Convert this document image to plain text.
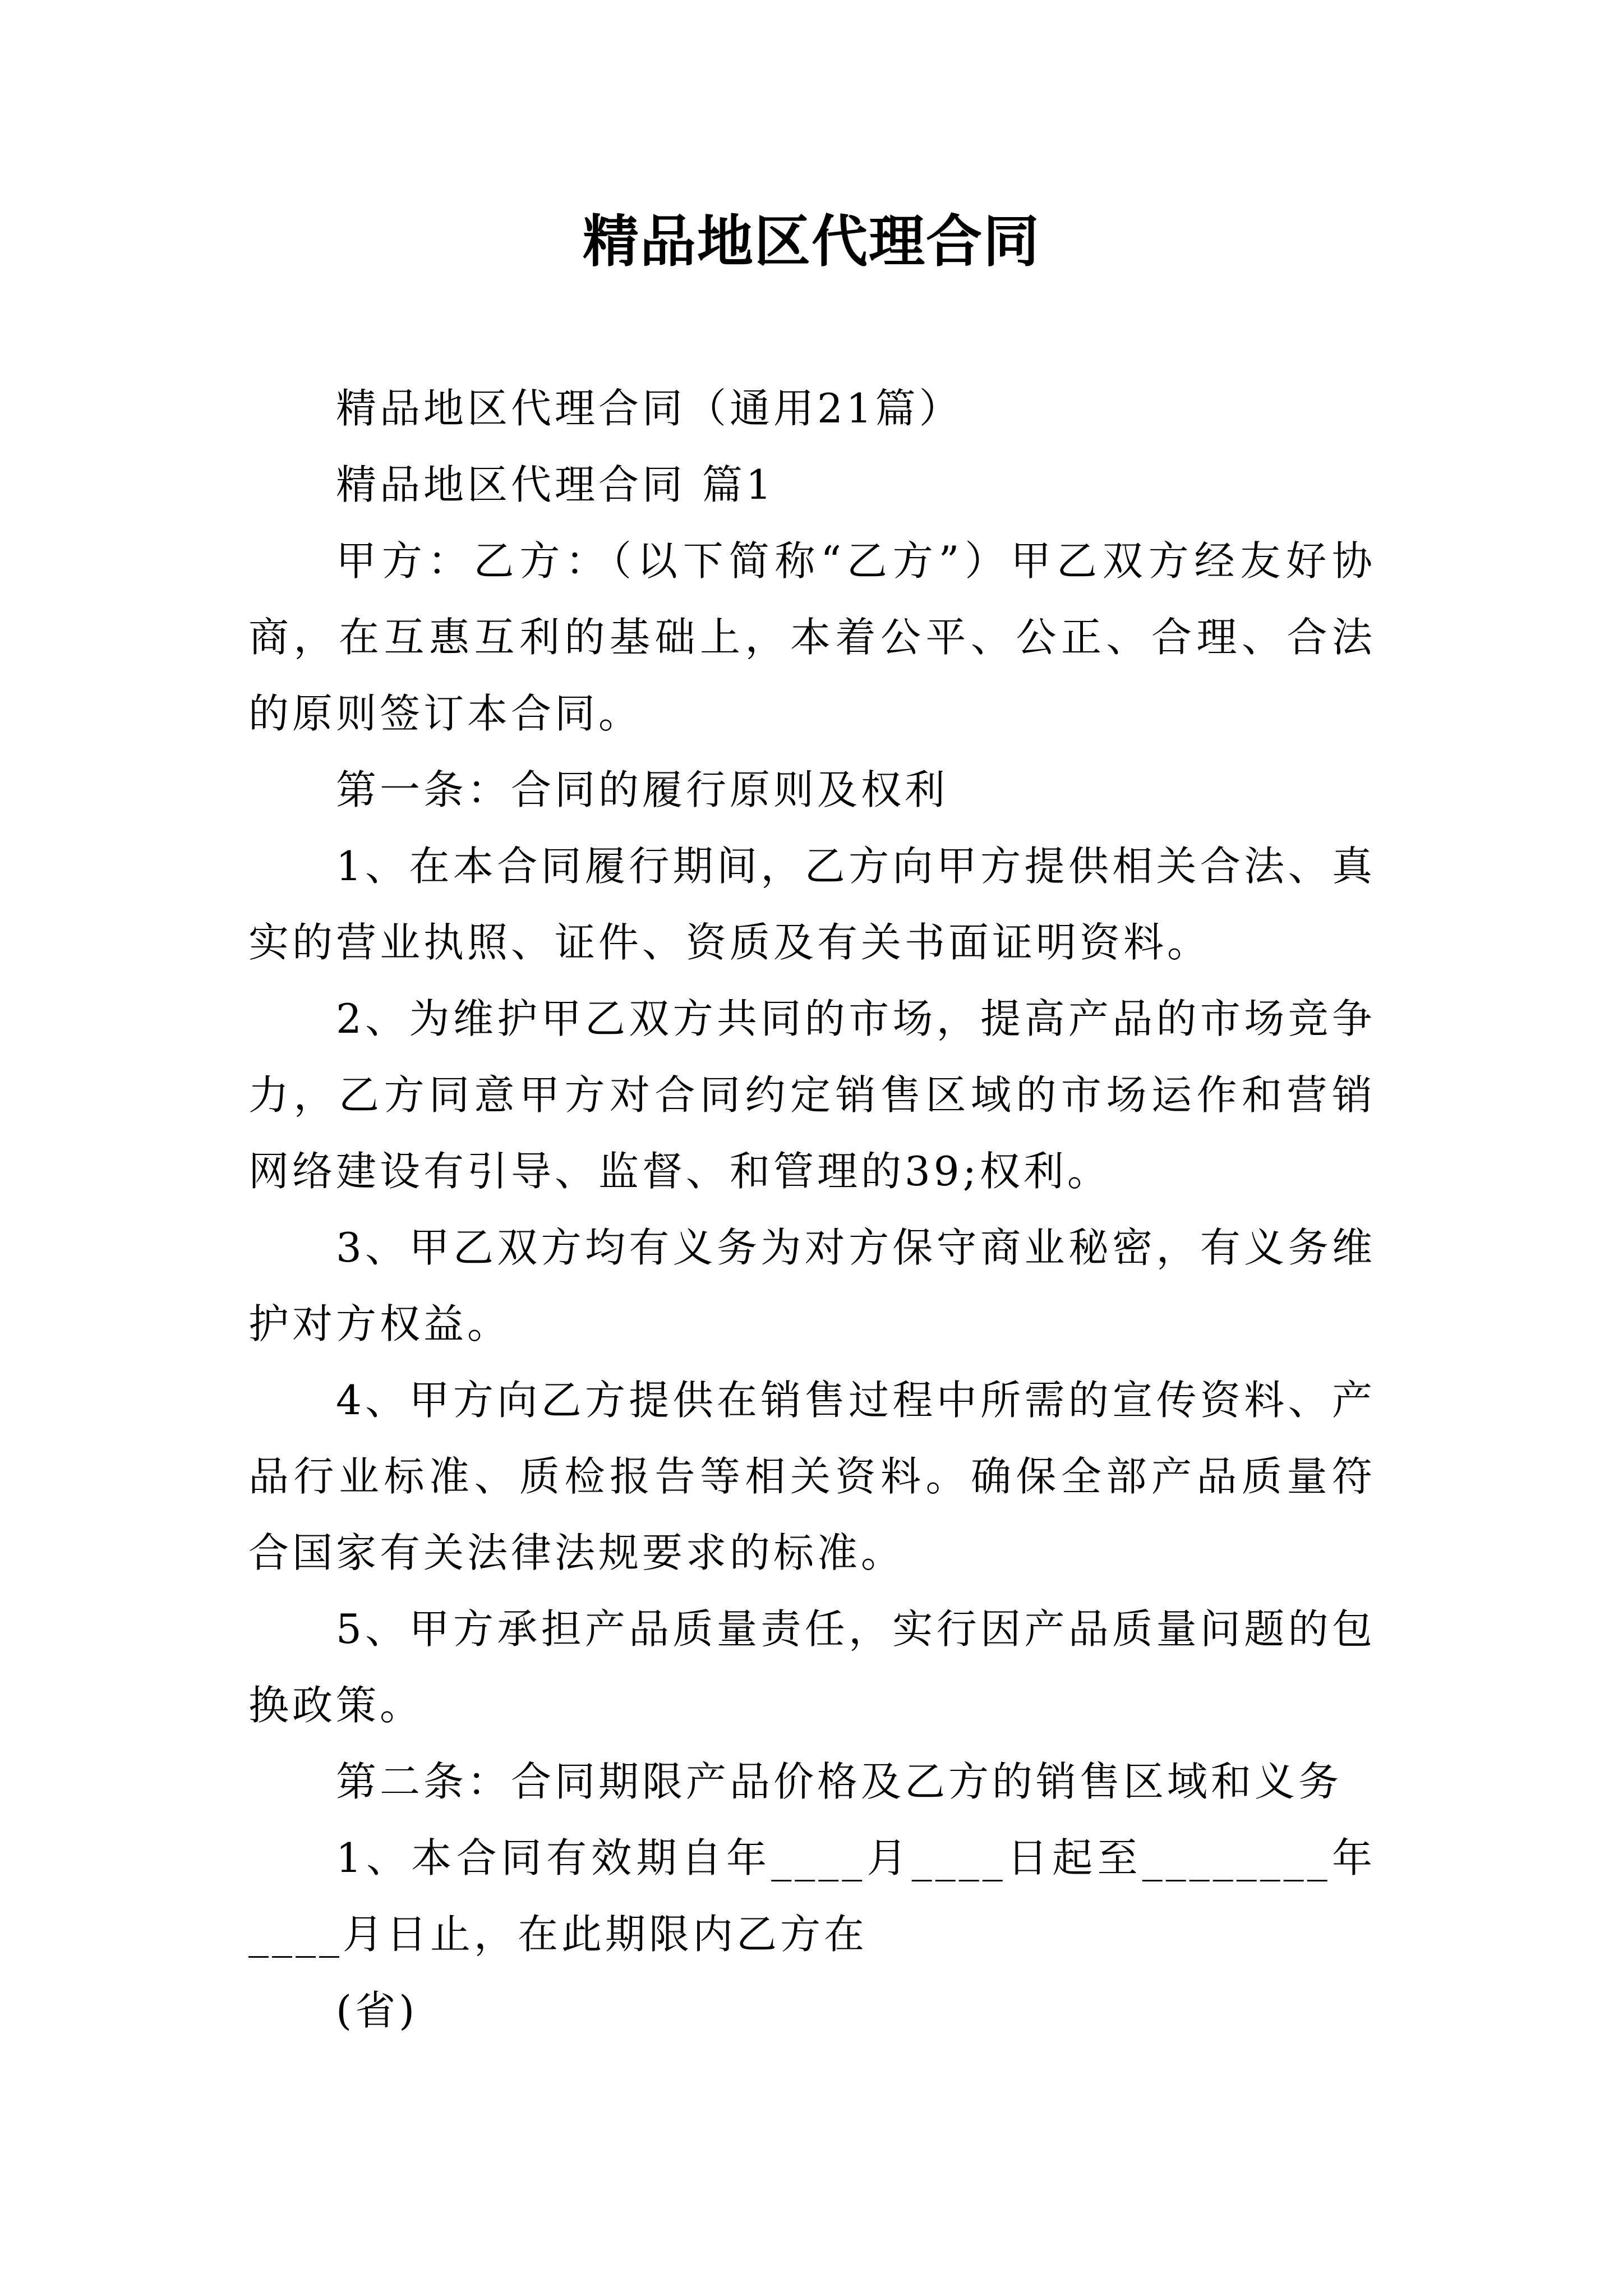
精品地区代理合同

精品地区代理合同（通用21篇）

精品地区代理合同 篇1

甲方：乙方：（以下简称“乙方”）甲乙双方经友好协商，在互惠互利的基础上，本着公平、公正、合理、合法的原则签订本合同。

第一条：合同的履行原则及权利

1、在本合同履行期间，乙方向甲方提供相关合法、真实的营业执照、证件、资质及有关书面证明资料。

2、为维护甲乙双方共同的市场，提高产品的市场竞争力，乙方同意甲方对合同约定销售区域的市场运作和营销网络建设有引导、监督、和管理的39;权利。

3、甲乙双方均有义务为对方保守商业秘密，有义务维护对方权益。

4、甲方向乙方提供在销售过程中所需的宣传资料、产品行业标准、质检报告等相关资料。确保全部产品质量符合国家有关法律法规要求的标准。

5、甲方承担产品质量责任，实行因产品质量问题的包换政策。

第二条：合同期限产品价格及乙方的销售区域和义务

1、本合同有效期自年____月____日起至________年____月日止，在此期限内乙方在

(省)
